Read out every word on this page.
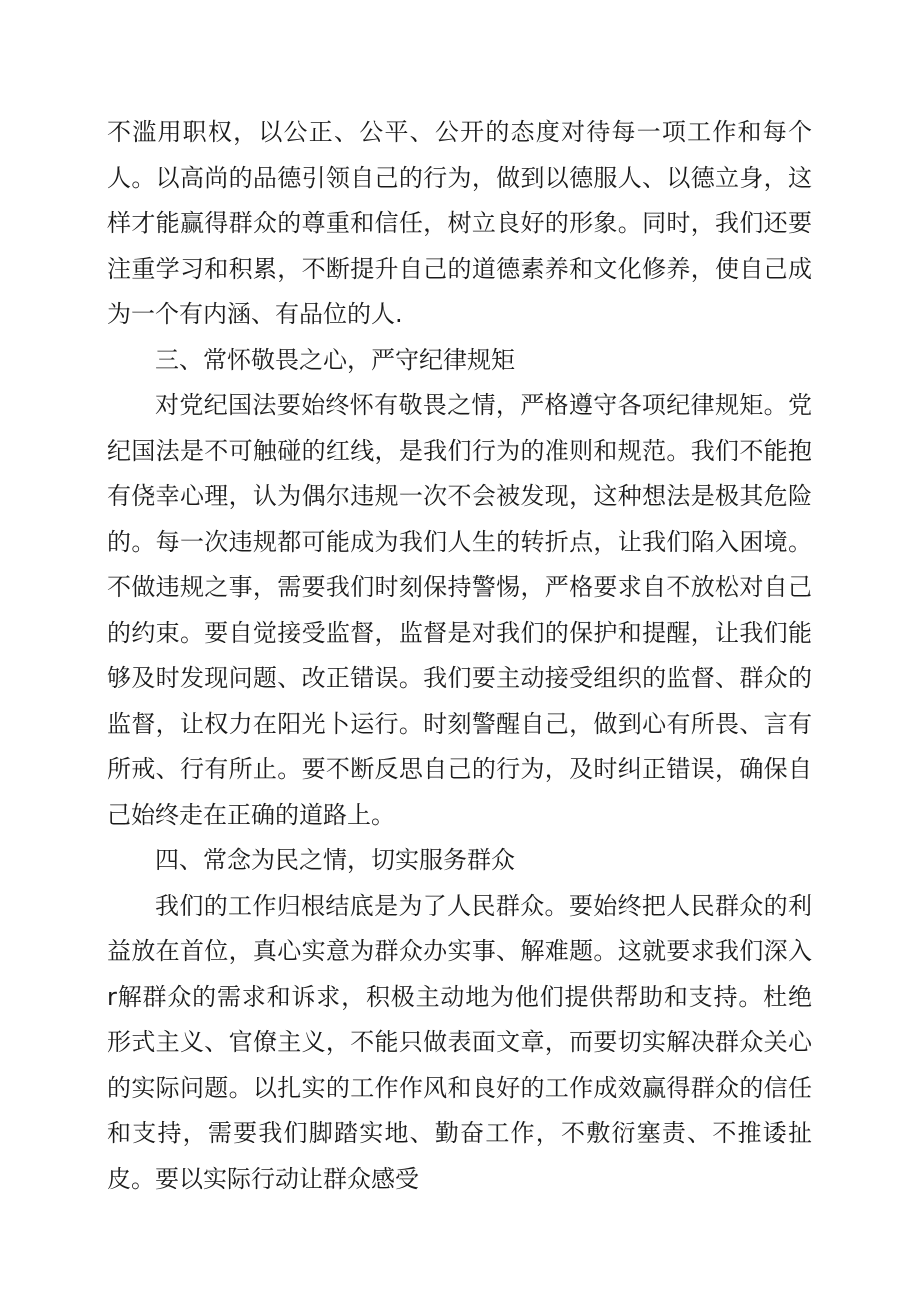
不滥用职权，以公正、公平、公开的态度对待每一项工作和每个人。以高尚的品德引领自己的行为，做到以德服人、以德立身，这样才能赢得群众的尊重和信任，树立良好的形象。同时，我们还要注重学习和积累，不断提升自己的道德素养和文化修养，使自己成为一个有内涵、有品位的人.

三、常怀敬畏之心，严守纪律规矩

对党纪国法要始终怀有敬畏之情，严格遵守各项纪律规矩。党纪国法是不可触碰的红线，是我们行为的准则和规范。我们不能抱有侥幸心理，认为偶尔违规一次不会被发现，这种想法是极其危险的。每一次违规都可能成为我们人生的转折点，让我们陷入困境。不做违规之事，需要我们时刻保持警惕，严格要求自不放松对自己的约束。要自觉接受监督，监督是对我们的保护和提醒，让我们能够及时发现问题、改正错误。我们要主动接受组织的监督、群众的监督，让权力在阳光卜运行。时刻警醒自己，做到心有所畏、言有所戒、行有所止。要不断反思自己的行为，及时纠正错误，确保自己始终走在正确的道路上。

四、常念为民之情，切实服务群众

我们的工作归根结底是为了人民群众。要始终把人民群众的利益放在首位，真心实意为群众办实事、解难题。这就要求我们深入r解群众的需求和诉求，积极主动地为他们提供帮助和支持。杜绝形式主义、官僚主义，不能只做表面文章，而要切实解决群众关心的实际问题。以扎实的工作作风和良好的工作成效赢得群众的信任和支持，需要我们脚踏实地、勤奋工作，不敷衍塞责、不推诿扯皮。要以实际行动让群众感受
